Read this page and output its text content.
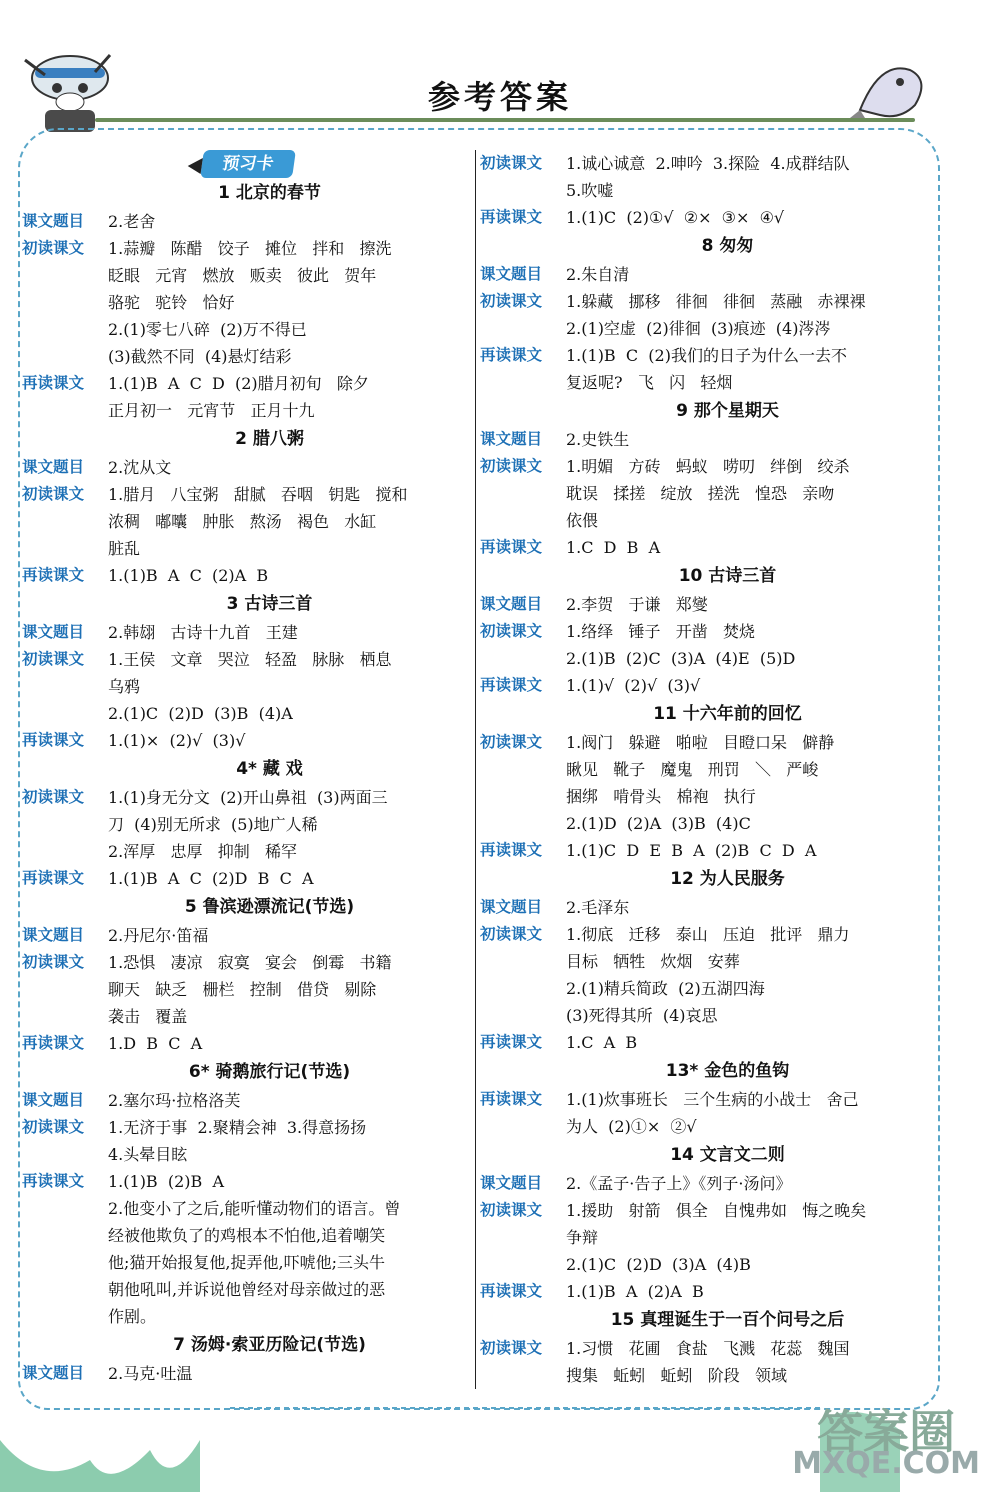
参考答案
预习卡
1 北京的春节
课文题目	2.老舍
初读课文	1.蒜瓣   陈醋   饺子   摊位   拌和   擦洗
眨眼   元宵   燃放   贩卖   彼此   贺年
骆驼   驼铃   恰好
2.(1)零七八碎  (2)万不得已
(3)截然不同  (4)悬灯结彩
再读课文	1.(1)B  A  C  D  (2)腊月初旬   除夕
正月初一   元宵节   正月十九
2 腊八粥
课文题目	2.沈从文
初读课文	1.腊月   八宝粥   甜腻   吞咽   钥匙   搅和
浓稠   嘟囔   肿胀   熬汤   褐色   水缸
脏乱
再读课文	1.(1)B  A  C  (2)A  B
3 古诗三首
课文题目	2.韩翃   古诗十九首   王建
初读课文	1.王侯   文章   哭泣   轻盈   脉脉   栖息
乌鸦
2.(1)C  (2)D  (3)B  (4)A
再读课文	1.(1)×  (2)√  (3)√
4* 藏 戏
初读课文	1.(1)身无分文  (2)开山鼻祖  (3)两面三
刀  (4)别无所求  (5)地广人稀
2.浑厚   忠厚   抑制   稀罕
再读课文	1.(1)B  A  C  (2)D  B  C  A
5 鲁滨逊漂流记(节选)
课文题目	2.丹尼尔·笛福
初读课文	1.恐惧   凄凉   寂寞   宴会   倒霉   书籍
聊天   缺乏   栅栏   控制   借贷   剔除
袭击   覆盖
再读课文	1.D  B  C  A
6* 骑鹅旅行记(节选)
课文题目	2.塞尔玛·拉格洛芙
初读课文	1.无济于事  2.聚精会神  3.得意扬扬
4.头晕目眩
再读课文	1.(1)B  (2)B  A
2.他变小了之后,能听懂动物们的语言。曾
经被他欺负了的鸡根本不怕他,追着嘲笑
他;猫开始报复他,捉弄他,吓唬他;三头牛
朝他吼叫,并诉说他曾经对母亲做过的恶
作剧。
7 汤姆·索亚历险记(节选)
课文题目	2.马克·吐温
初读课文	1.诚心诚意  2.呻吟  3.探险  4.成群结队
5.吹嘘
再读课文	1.(1)C  (2)①√  ②×  ③×  ④√
8 匆匆
课文题目	2.朱自清
初读课文	1.躲藏   挪移   徘徊   徘徊   蒸融   赤裸裸
2.(1)空虚  (2)徘徊  (3)痕迹  (4)涔涔
再读课文	1.(1)B  C  (2)我们的日子为什么一去不
复返呢?   飞   闪   轻烟
9 那个星期天
课文题目	2.史铁生
初读课文	1.明媚   方砖   蚂蚁   唠叨   绊倒   绞杀
耽误   揉搓   绽放   搓洗   惶恐   亲吻
依偎
再读课文	1.C  D  B  A
10 古诗三首
课文题目	2.李贺   于谦   郑燮
初读课文	1.络绎   锤子   开凿   焚烧
2.(1)B  (2)C  (3)A  (4)E  (5)D
再读课文	1.(1)√  (2)√  (3)√
11 十六年前的回忆
初读课文	1.阀门   躲避   啪啦   目瞪口呆   僻静
瞅见   靴子   魔鬼   刑罚   ＼   严峻
捆绑   啃骨头   棉袍   执行
2.(1)D  (2)A  (3)B  (4)C
再读课文	1.(1)C  D  E  B  A  (2)B  C  D  A
12 为人民服务
课文题目	2.毛泽东
初读课文	1.彻底   迁移   泰山   压迫   批评   鼎力
目标   牺牲   炊烟   安葬
2.(1)精兵简政  (2)五湖四海
(3)死得其所  (4)哀思
再读课文	1.C  A  B
13* 金色的鱼钩
再读课文	1.(1)炊事班长   三个生病的小战士   舍己
为人  (2)①×  ②√
14 文言文二则
课文题目	2.《孟子·告子上》《列子·汤问》
初读课文	1.援助   射箭   俱全   自愧弗如   悔之晚矣
争辩
2.(1)C  (2)D  (3)A  (4)B
再读课文	1.(1)B  A  (2)A  B
15 真理诞生于一百个问号之后
初读课文	1.习惯   花圃   食盐   飞溅   花蕊   魏国
搜集   蚯蚓   蚯蚓   阶段   领域
答案圈
MXQE.COM
